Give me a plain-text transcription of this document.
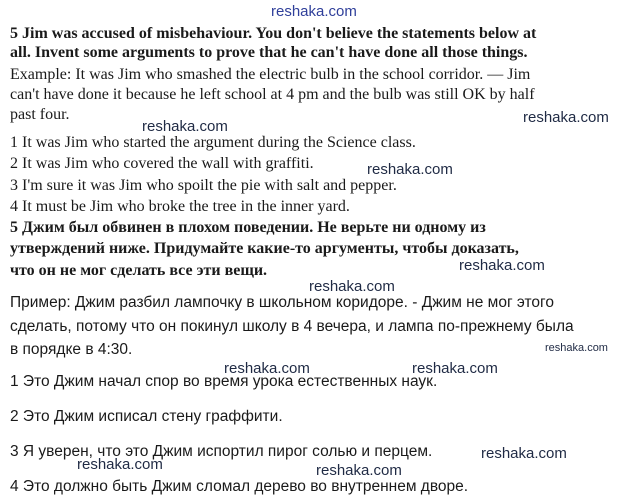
5 Jim was accused of misbehaviour. You don't believe the statements below at
all. Invent some arguments to prove that he can't have done all those things.
Example: It was Jim who smashed the electric bulb in the school corridor. — Jim
can't have done it because he left school at 4 pm and the bulb was still OK by half
past four.
1 It was Jim who started the argument during the Science class.
2 It was Jim who covered the wall with graffiti.
3 I'm sure it was Jim who spoilt the pie with salt and pepper.
4 It must be Jim who broke the tree in the inner yard.
5 Джим был обвинен в плохом поведении. Не верьте ни одному из
утверждений ниже. Придумайте какие-то аргументы, чтобы доказать,
что он не мог сделать все эти вещи.
Пример: Джим разбил лампочку в школьном коридоре. - Джим не мог этого
сделать, потому что он покинул школу в 4 вечера, и лампа по-прежнему была
в порядке в 4:30.
1 Это Джим начал спор во время урока естественных наук.
2 Это Джим исписал стену граффити.
3 Я уверен, что это Джим испортил пирог солью и перцем.
4 Это должно быть Джим сломал дерево во внутреннем дворе.
reshaka.com
reshaka.com
reshaka.com
reshaka.com
reshaka.com
reshaka.com
reshaka.com
reshaka.com	reshaka.com
reshaka.com
reshaka.com	reshaka.com
